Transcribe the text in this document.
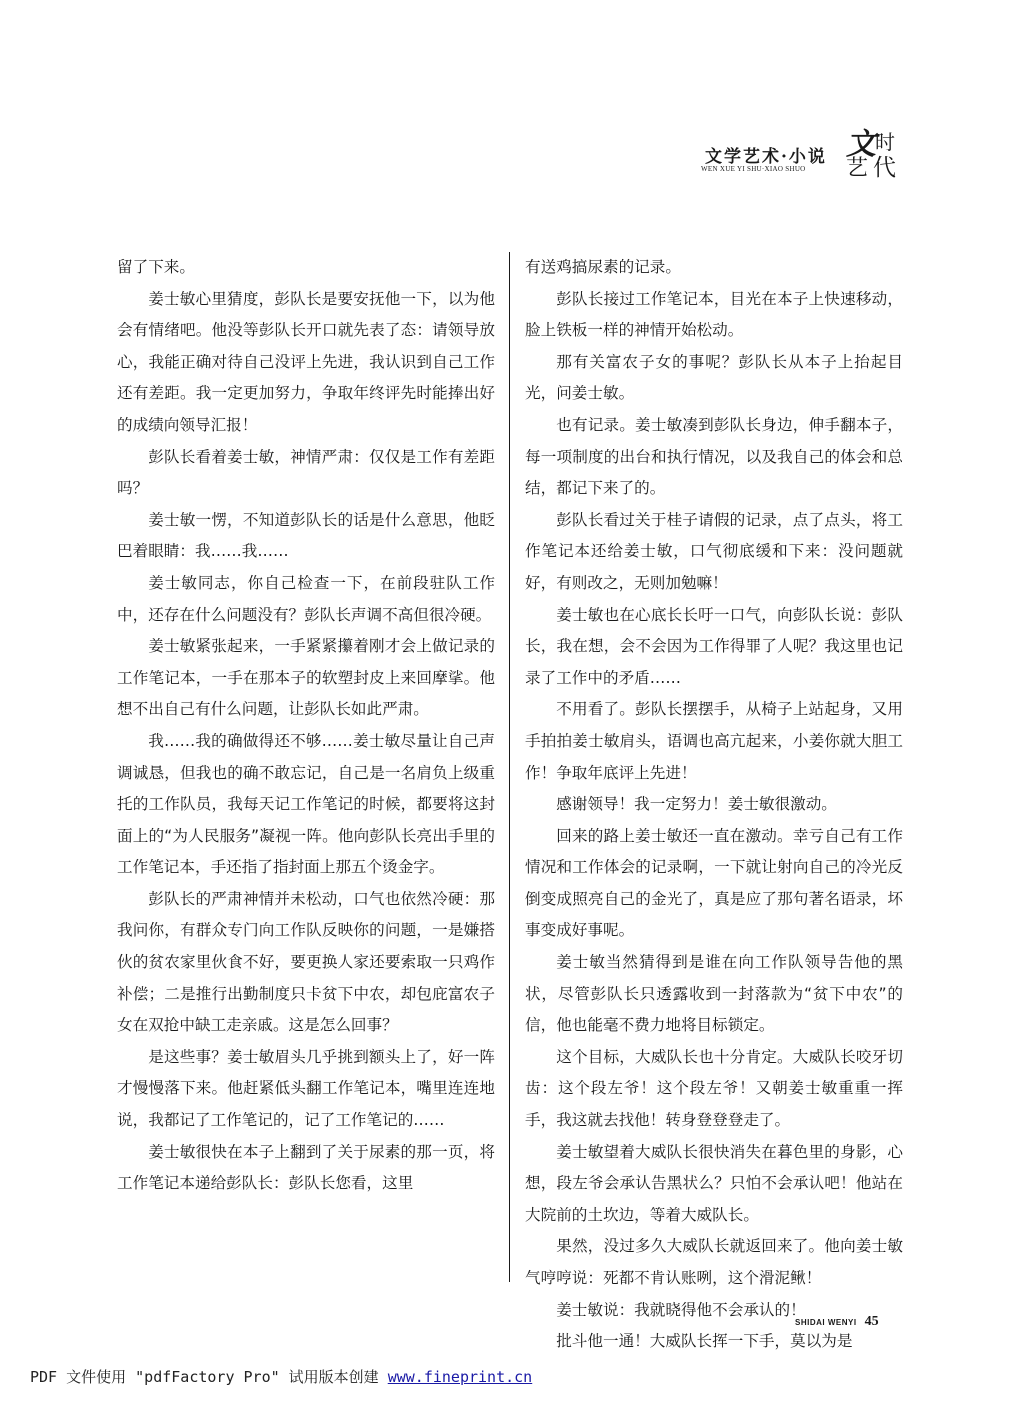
文学艺术·小说
WEN XUE YI SHU·XIAO SHUO
文 时
艺 代

留了下来。

姜士敏心里猜度，彭队长是要安抚他一下，以为他会有情绪吧。他没等彭队长开口就先表了态：请领导放心，我能正确对待自己没评上先进，我认识到自己工作还有差距。我一定更加努力，争取年终评先时能捧出好的成绩向领导汇报！

彭队长看着姜士敏，神情严肃：仅仅是工作有差距吗？

姜士敏一愣，不知道彭队长的话是什么意思，他眨巴着眼睛：我……我……

姜士敏同志，你自己检查一下，在前段驻队工作中，还存在什么问题没有？彭队长声调不高但很冷硬。

姜士敏紧张起来，一手紧紧攥着刚才会上做记录的工作笔记本，一手在那本子的软塑封皮上来回摩挲。他想不出自己有什么问题，让彭队长如此严肃。

我……我的确做得还不够……姜士敏尽量让自己声调诚恳，但我也的确不敢忘记，自己是一名肩负上级重托的工作队员，我每天记工作笔记的时候，都要将这封面上的“为人民服务”凝视一阵。他向彭队长亮出手里的工作笔记本，手还指了指封面上那五个烫金字。

彭队长的严肃神情并未松动，口气也依然冷硬：那我问你，有群众专门向工作队反映你的问题，一是嫌搭伙的贫农家里伙食不好，要更换人家还要索取一只鸡作补偿；二是推行出勤制度只卡贫下中农，却包庇富农子女在双抢中缺工走亲戚。这是怎么回事？

是这些事？姜士敏眉头几乎挑到额头上了，好一阵才慢慢落下来。他赶紧低头翻工作笔记本，嘴里连连地说，我都记了工作笔记的，记了工作笔记的……

姜士敏很快在本子上翻到了关于尿素的那一页，将工作笔记本递给彭队长：彭队长您看，这里

有送鸡搞尿素的记录。

彭队长接过工作笔记本，目光在本子上快速移动，脸上铁板一样的神情开始松动。

那有关富农子女的事呢？彭队长从本子上抬起目光，问姜士敏。

也有记录。姜士敏凑到彭队长身边，伸手翻本子，每一项制度的出台和执行情况，以及我自己的体会和总结，都记下来了的。

彭队长看过关于桂子请假的记录，点了点头，将工作笔记本还给姜士敏，口气彻底缓和下来：没问题就好，有则改之，无则加勉嘛！

姜士敏也在心底长长吁一口气，向彭队长说：彭队长，我在想，会不会因为工作得罪了人呢？我这里也记录了工作中的矛盾……

不用看了。彭队长摆摆手，从椅子上站起身，又用手拍拍姜士敏肩头，语调也高亢起来，小姜你就大胆工作！争取年底评上先进！

感谢领导！我一定努力！姜士敏很激动。

回来的路上姜士敏还一直在激动。幸亏自己有工作情况和工作体会的记录啊，一下就让射向自己的冷光反倒变成照亮自己的金光了，真是应了那句著名语录，坏事变成好事呢。

姜士敏当然猜得到是谁在向工作队领导告他的黑状，尽管彭队长只透露收到一封落款为“贫下中农”的信，他也能毫不费力地将目标锁定。

这个目标，大威队长也十分肯定。大威队长咬牙切齿：这个段左爷！这个段左爷！又朝姜士敏重重一挥手，我这就去找他！转身登登登走了。

姜士敏望着大威队长很快消失在暮色里的身影，心想，段左爷会承认告黑状么？只怕不会承认吧！他站在大院前的土坎边，等着大威队长。

果然，没过多久大威队长就返回来了。他向姜士敏气哼哼说：死都不肯认账咧，这个滑泥鳅！

姜士敏说：我就晓得他不会承认的！

批斗他一通！大威队长挥一下手，莫以为是

SHIDAI WENYI 45
PDF 文件使用 "pdfFactory Pro" 试用版本创建 www.fineprint.cn
